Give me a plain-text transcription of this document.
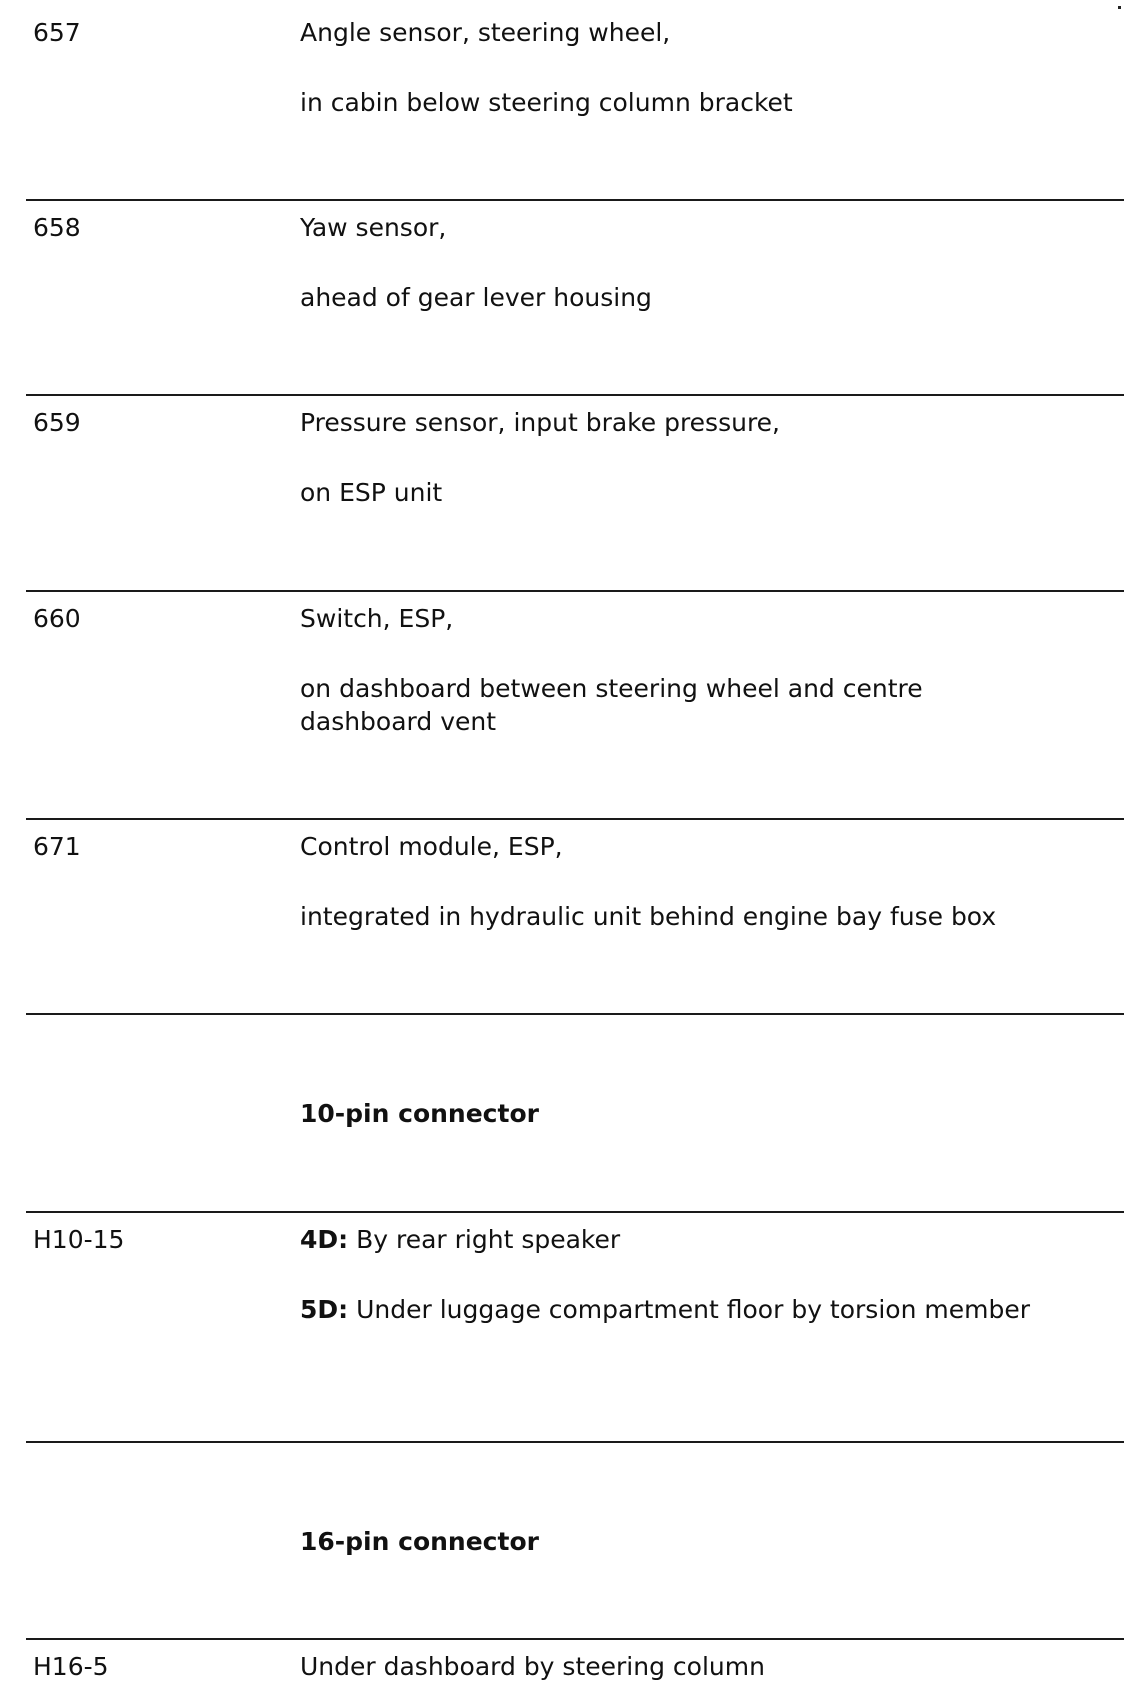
657	Angle sensor, steering wheel,
in cabin below steering column bracket
658	Yaw sensor,
ahead of gear lever housing
659	Pressure sensor, input brake pressure,
on ESP unit
660	Switch, ESP,
on dashboard between steering wheel and centre dashboard vent
671	Control module, ESP,
integrated in hydraulic unit behind engine bay fuse box
10-pin connector
H10-15	4D: By rear right speaker
5D: Under luggage compartment floor by torsion member
16-pin connector
H16-5	Under dashboard by steering column
